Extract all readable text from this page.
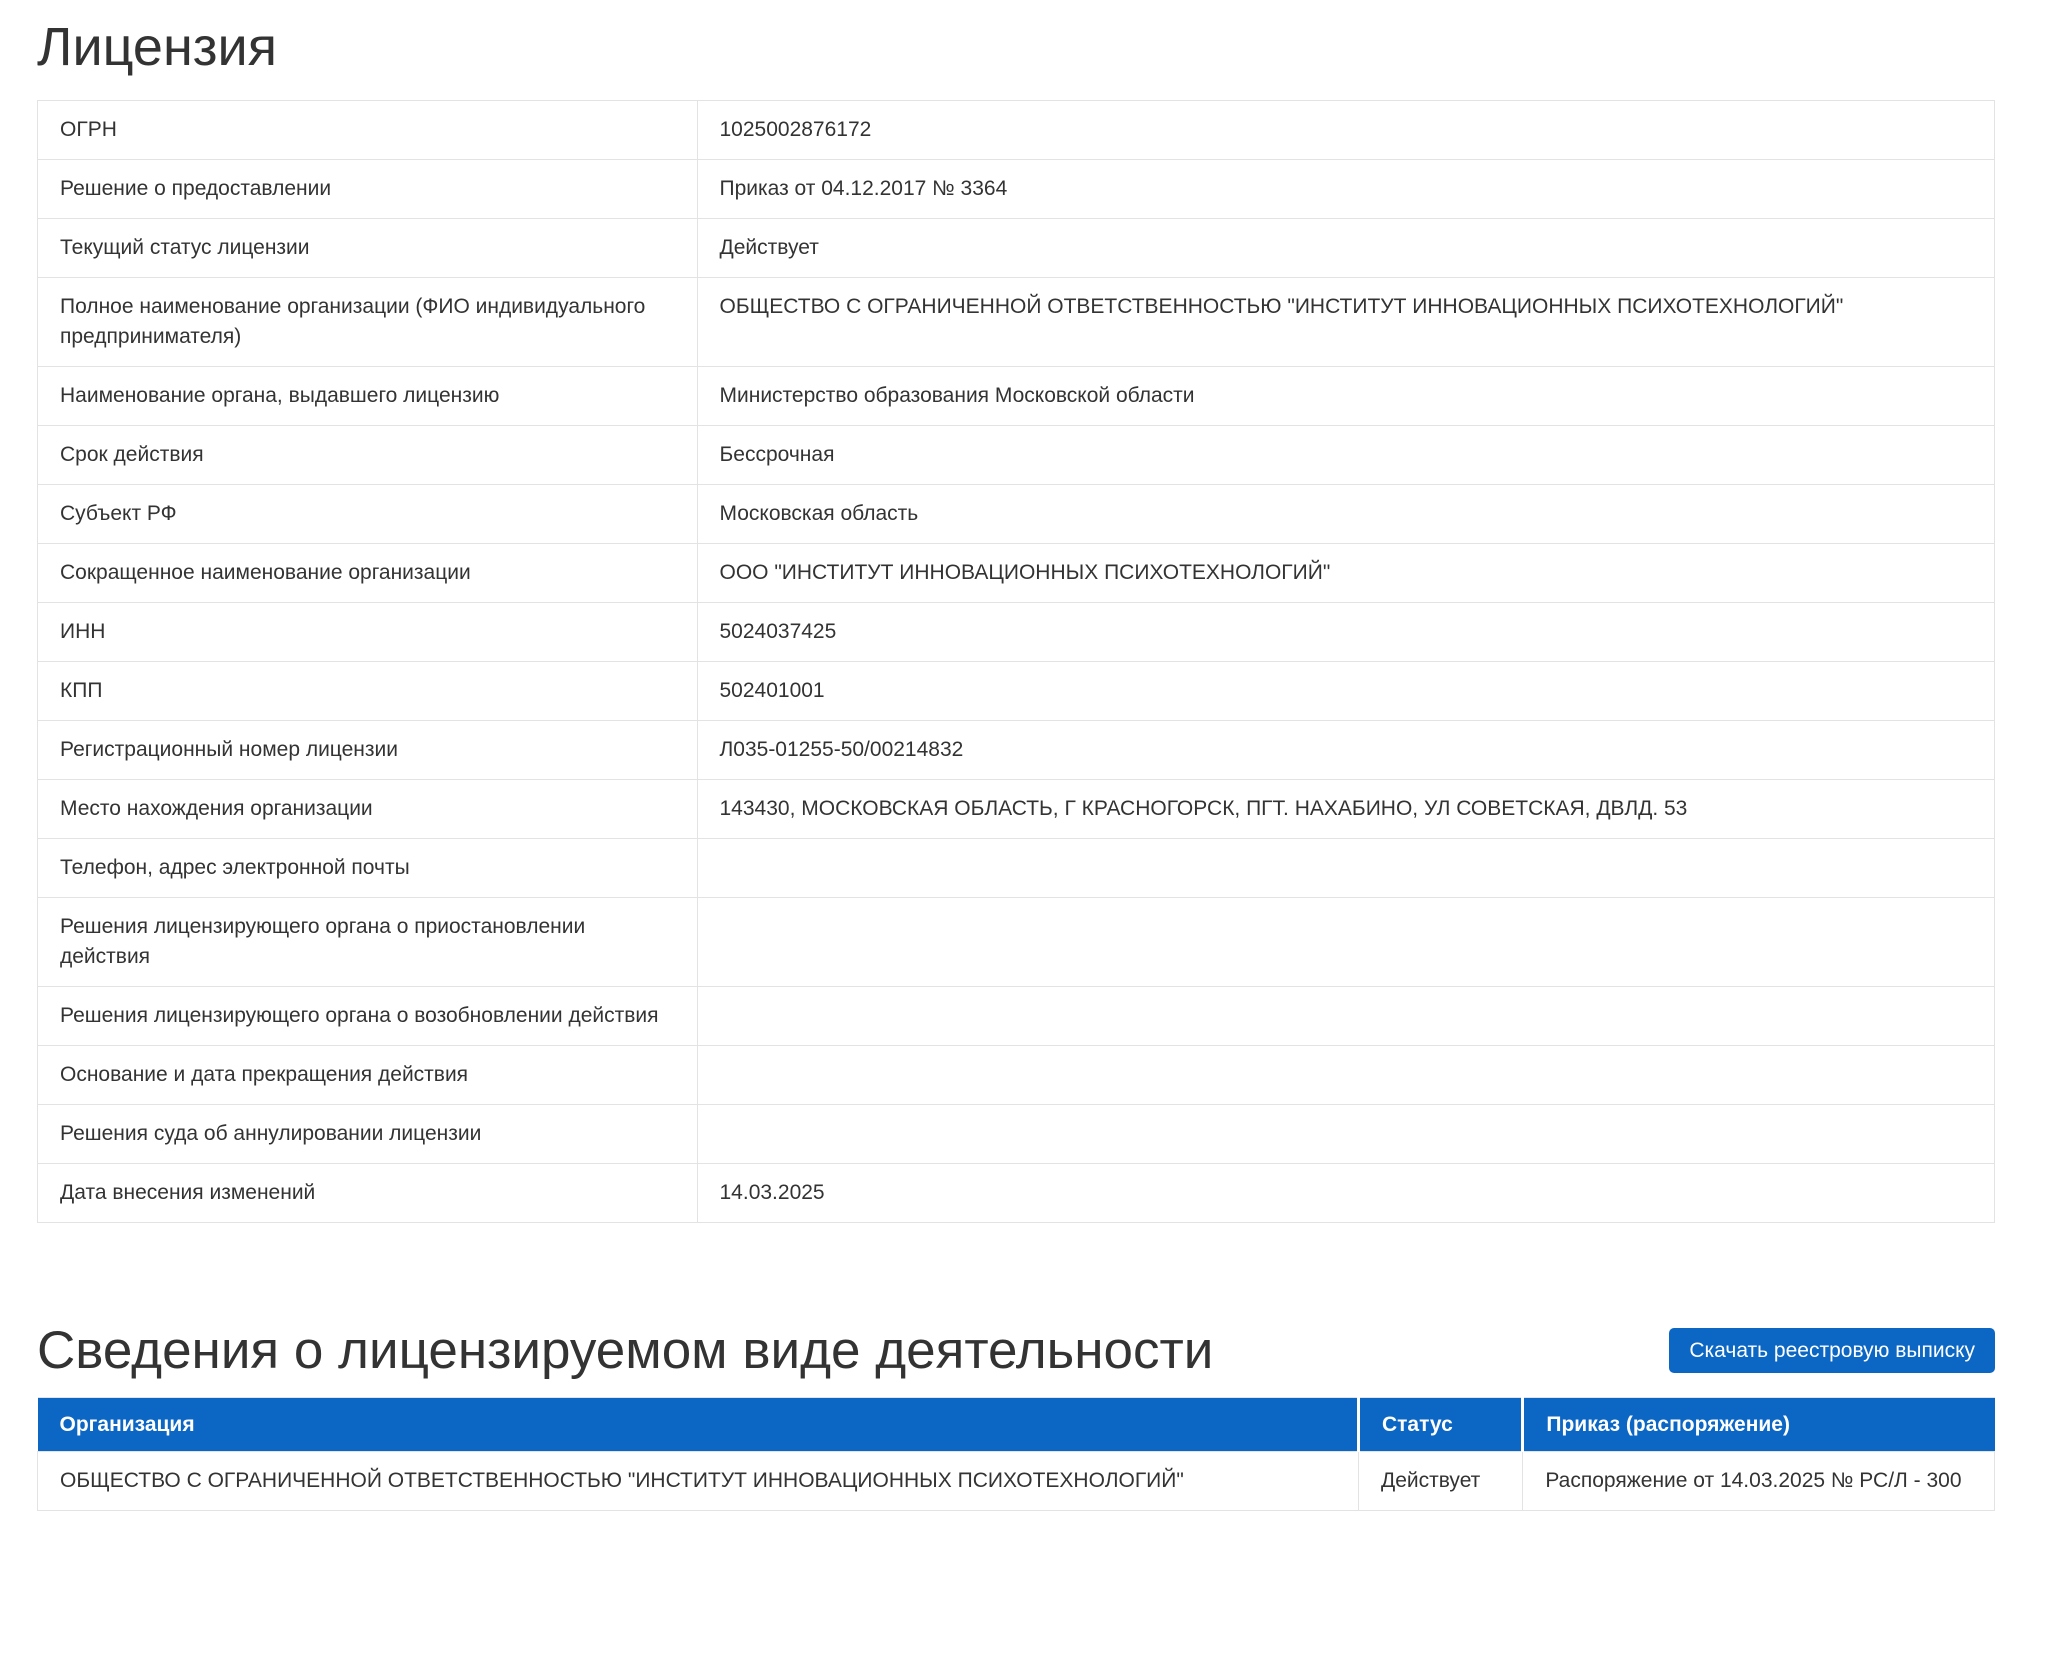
Лицензия
ОГРН	1025002876172
Решение о предоставлении	Приказ от 04.12.2017 № 3364
Текущий статус лицензии	Действует
Полное наименование организации (ФИО индивидуального предпринимателя)	ОБЩЕСТВО С ОГРАНИЧЕННОЙ ОТВЕТСТВЕННОСТЬЮ "ИНСТИТУТ ИННОВАЦИОННЫХ ПСИХОТЕХНОЛОГИЙ"
Наименование органа, выдавшего лицензию	Министерство образования Московской области
Срок действия	Бессрочная
Субъект РФ	Московская область
Сокращенное наименование организации	ООО "ИНСТИТУТ ИННОВАЦИОННЫХ ПСИХОТЕХНОЛОГИЙ"
ИНН	5024037425
КПП	502401001
Регистрационный номер лицензии	Л035-01255-50/00214832
Место нахождения организации	143430, МОСКОВСКАЯ ОБЛАСТЬ, Г КРАСНОГОРСК, ПГТ. НАХАБИНО, УЛ СОВЕТСКАЯ, ДВЛД. 53
Телефон, адрес электронной почты	
Решения лицензирующего органа о приостановлении действия	
Решения лицензирующего органа о возобновлении действия	
Основание и дата прекращения действия	
Решения суда об аннулировании лицензии	
Дата внесения изменений	14.03.2025
Сведения о лицензируемом виде деятельности	Скачать реестровую выписку
Организация	Статус	Приказ (распоряжение)
ОБЩЕСТВО С ОГРАНИЧЕННОЙ ОТВЕТСТВЕННОСТЬЮ "ИНСТИТУТ ИННОВАЦИОННЫХ ПСИХОТЕХНОЛОГИЙ"	Действует	Распоряжение от 14.03.2025 № РС/Л - 300
